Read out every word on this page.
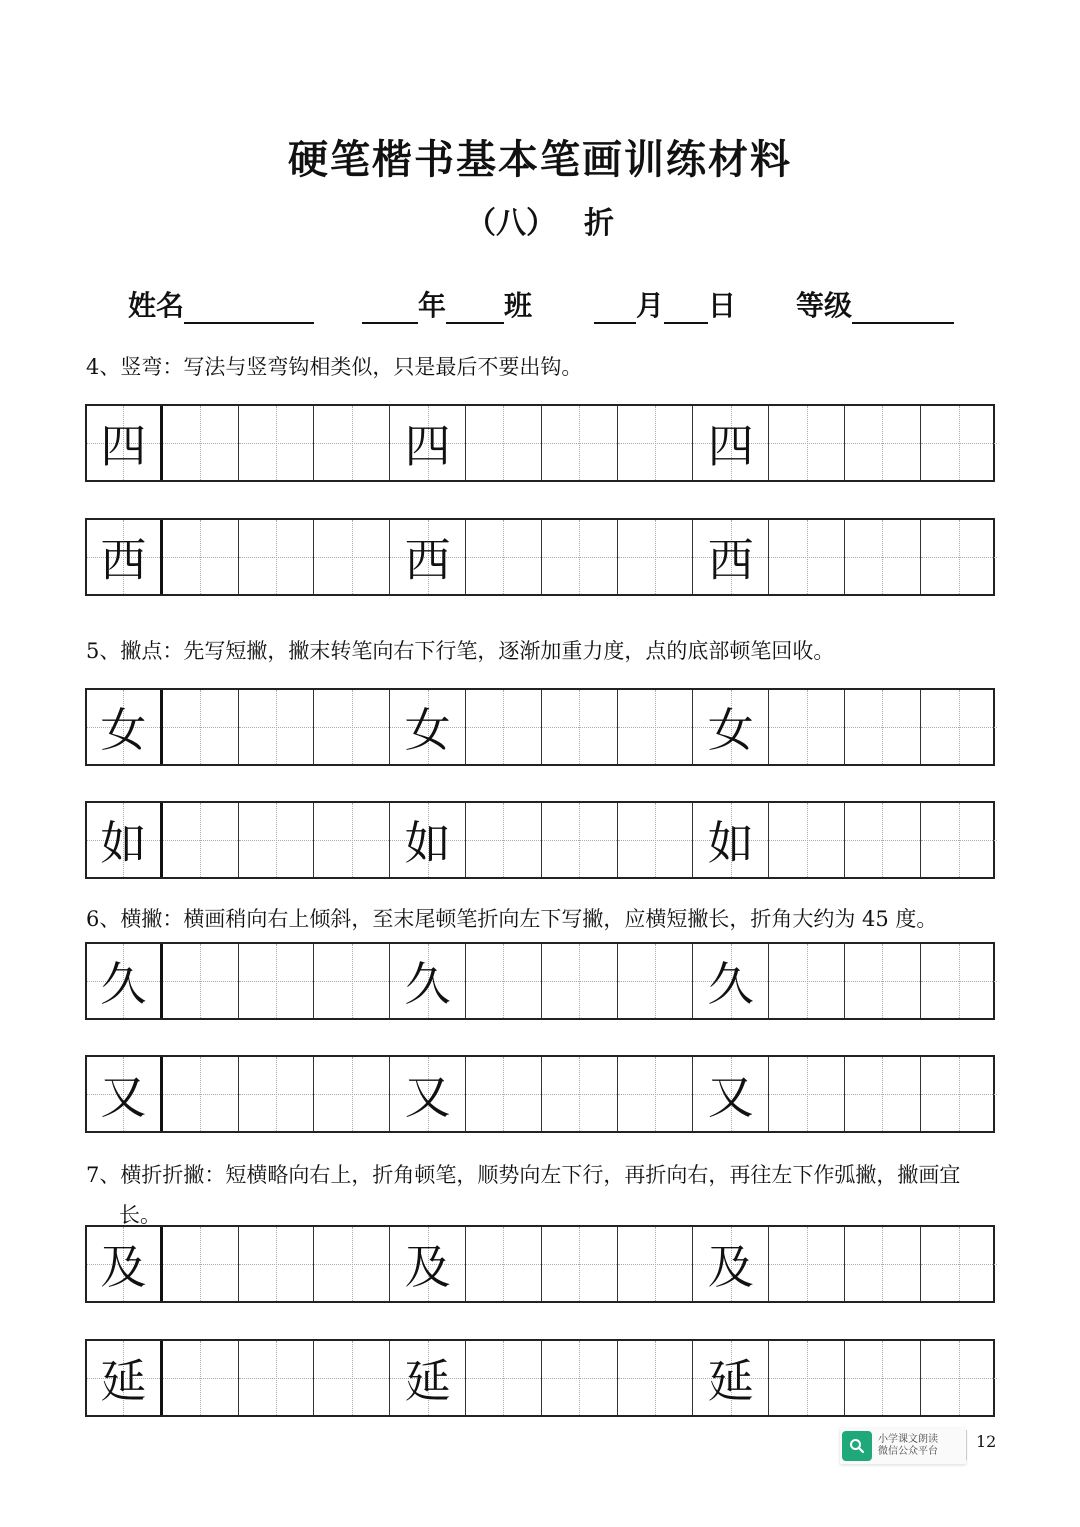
硬笔楷书基本笔画训练材料
（八） 折
姓名	年 班	月 日 等级
4、竖弯：写法与竖弯钩相类似，只是最后不要出钩。
四	四	四
西	西	西
5、撇点：先写短撇，撇末转笔向右下行笔，逐渐加重力度，点的底部顿笔回收。
女	女	女
如	如	如
6、横撇：横画稍向右上倾斜，至末尾顿笔折向左下写撇，应横短撇长，折角大约为 45 度。
久	久	久
又	又	又
7、横折折撇：短横略向右上，折角顿笔，顺势向左下行，再折向右，再往左下作弧撇，撇画宜
长。
及	及	及
延	延	延
小学课文朗读
微信公众平台
12
